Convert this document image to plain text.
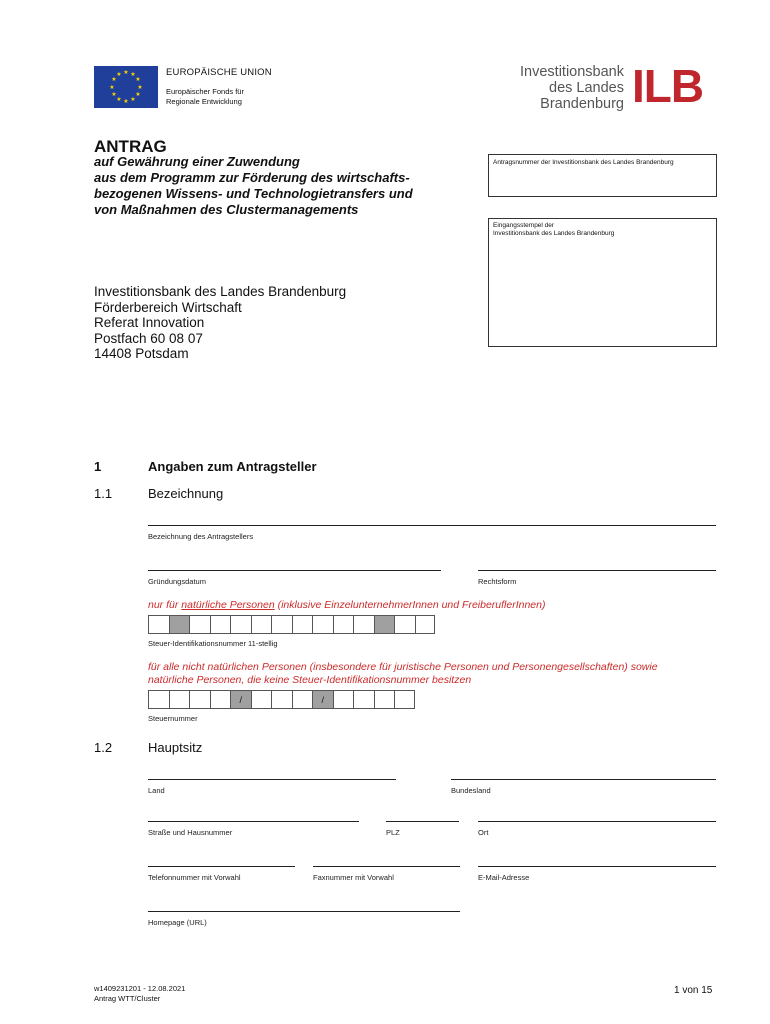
★ ★
★
★
★
★
★
★
★
★
★
★	EUROPÄISCHE UNION
Europäischer Fonds für
Regionale Entwicklung
Investitionsbank
des Landes
Brandenburg ILB
ANTRAG
auf Gewährung einer Zuwendung
aus dem Programm zur Förderung des wirtschafts-
bezogenen Wissens- und Technologietransfers und
von Maßnahmen des Clustermanagements
Antragsnummer der Investitionsbank des Landes Brandenburg
Eingangsstempel der
Investitionsbank des Landes Brandenburg
Investitionsbank des Landes Brandenburg
Förderbereich Wirtschaft
Referat Innovation
Postfach 60 08 07
14408 Potsdam
1	Angaben zum Antragsteller
1.1	Bezeichnung
Bezeichnung des Antragstellers
Gründungsdatum	Rechtsform
nur für natürliche Personen (inklusive EinzelunternehmerInnen und FreiberuflerInnen)
Steuer-Identifikationsnummer 11-stellig
für alle nicht natürlichen Personen (insbesondere für juristische Personen und Personengesellschaften) sowie
natürliche Personen, die keine Steuer-Identifikationsnummer besitzen
/	/
Steuernummer
1.2	Hauptsitz
Land	Bundesland
Straße und Hausnummer	PLZ	Ort
Telefonnummer mit Vorwahl	Faxnummer mit Vorwahl	E-Mail-Adresse
Homepage (URL)
w1409231201 - 12.08.2021
Antrag WTT/Cluster
1 von 15
